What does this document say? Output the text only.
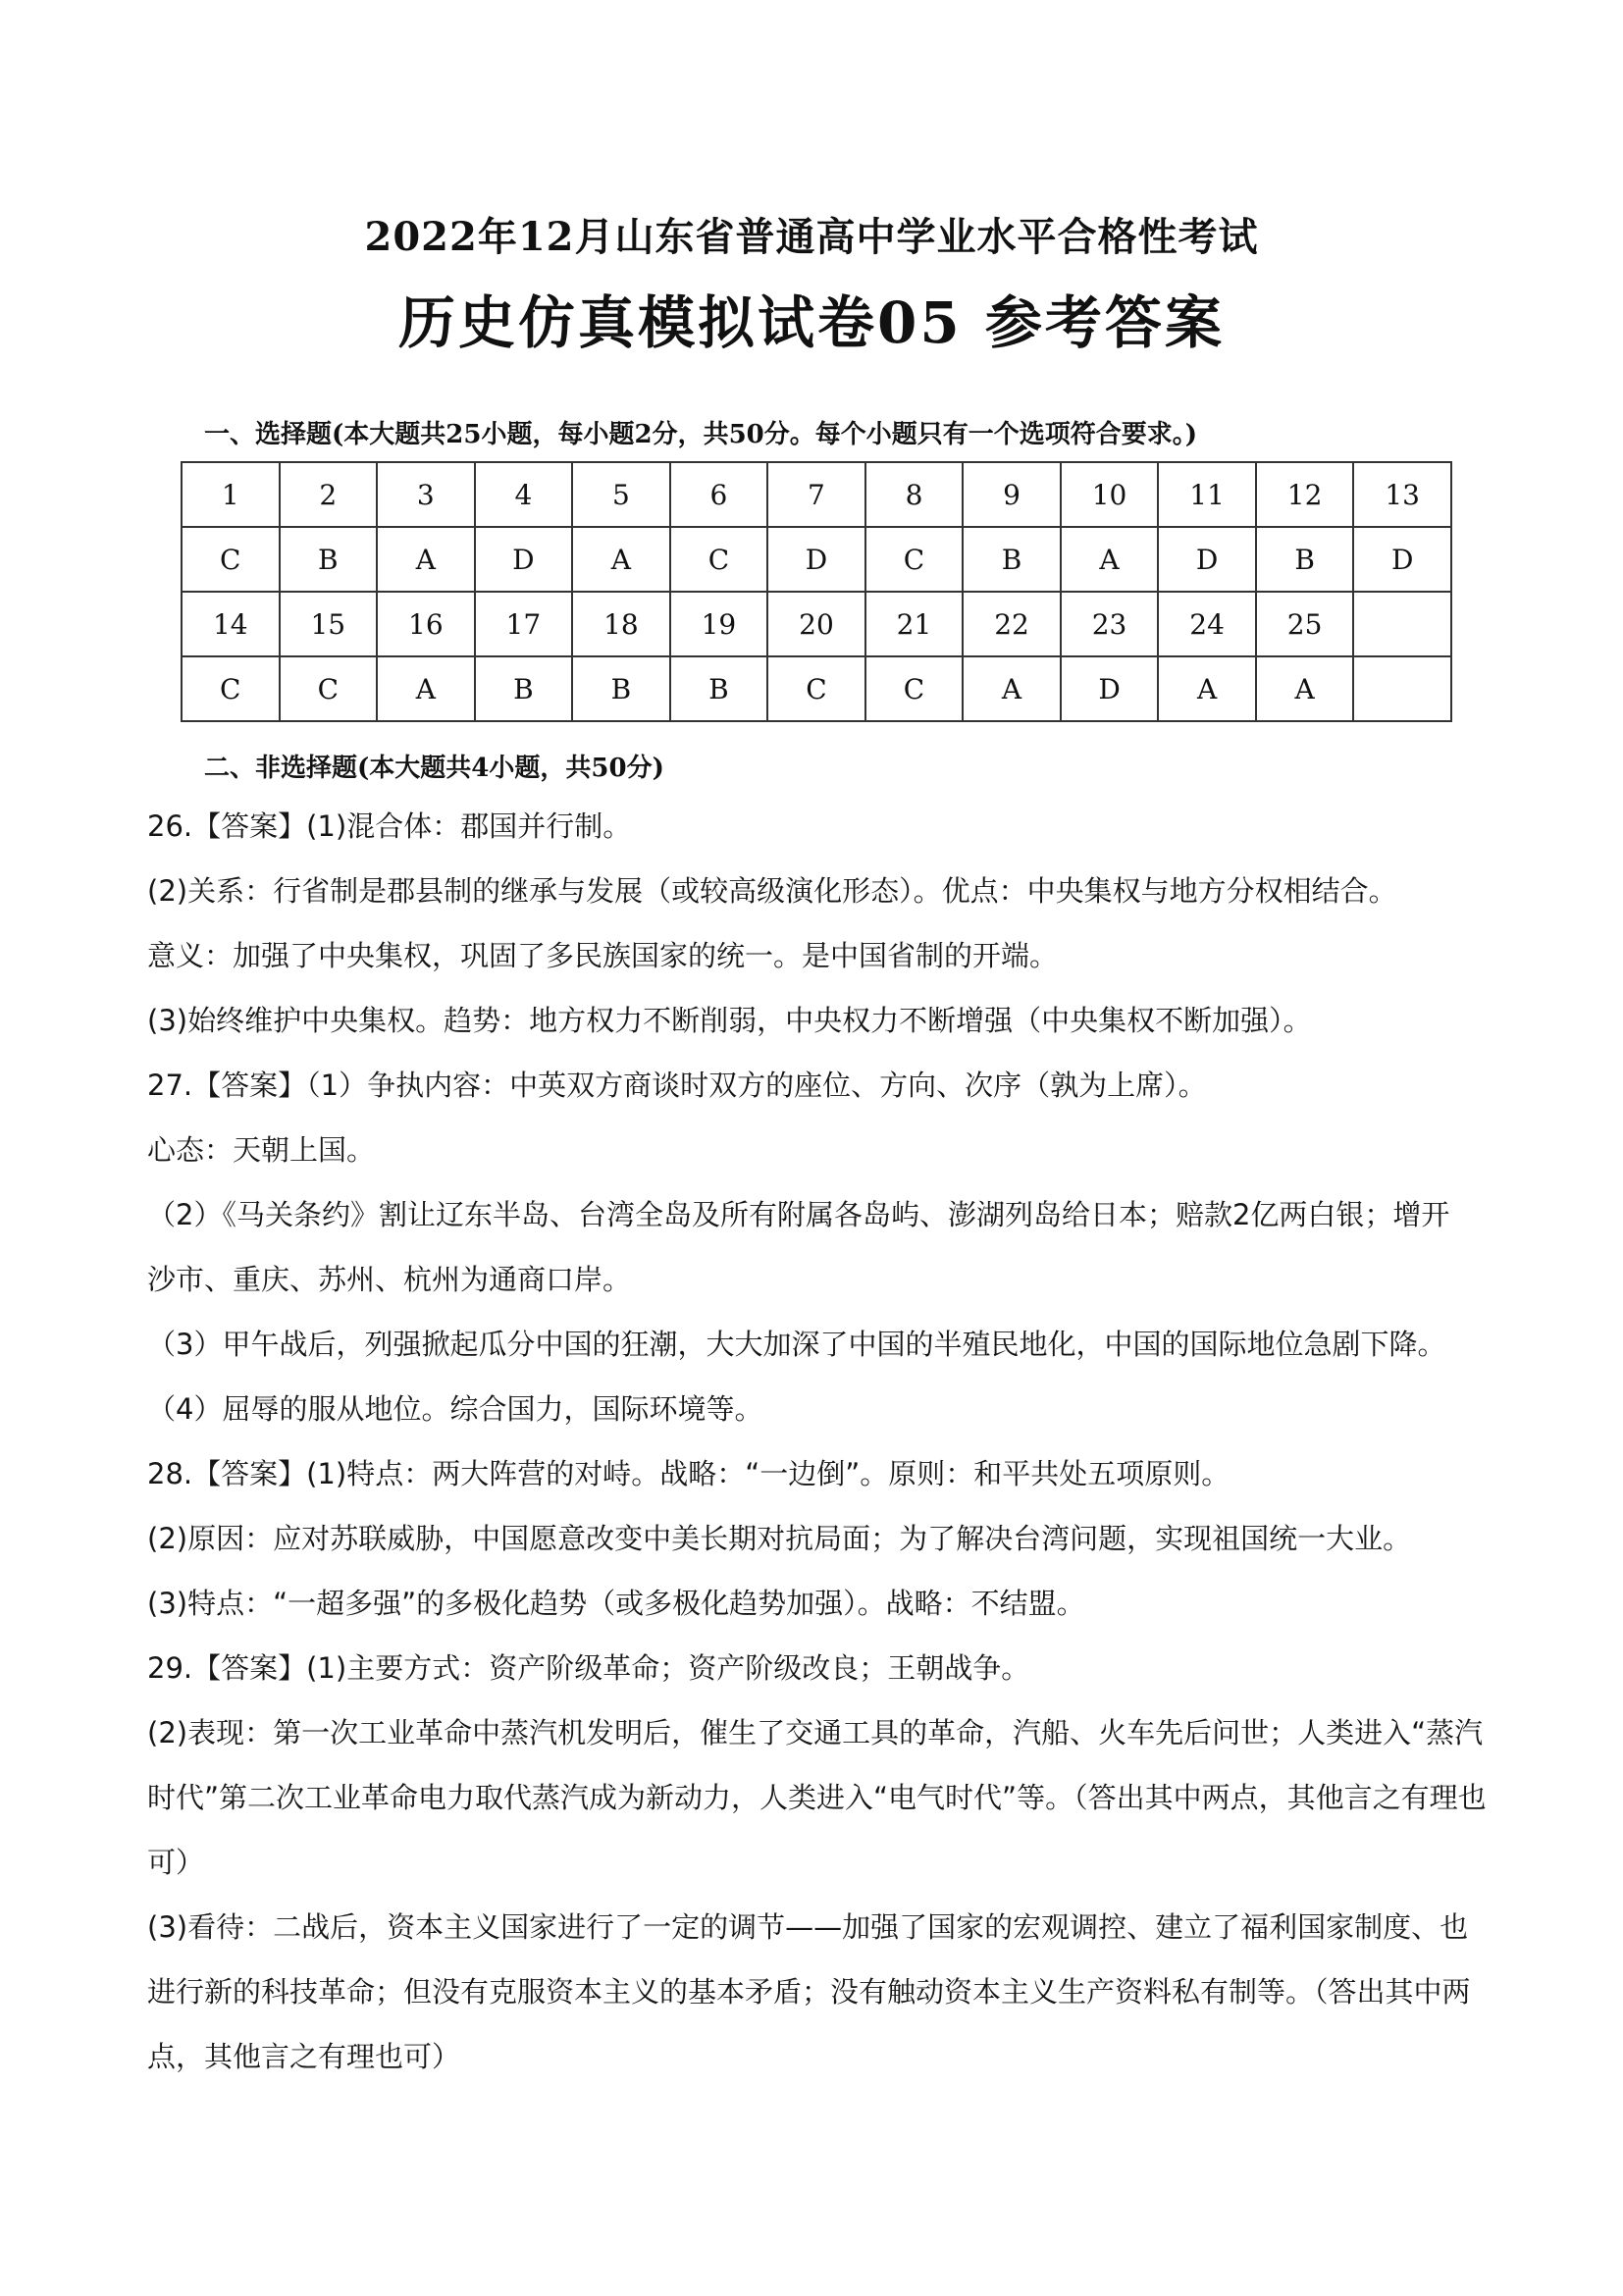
2022年12月山东省普通高中学业水平合格性考试
历史仿真模拟试卷05 参考答案
一、选择题(本大题共25小题，每小题2分，共50分。每个小题只有一个选项符合要求。)
1	2	3	4	5	6	7	8	9	10	11	12	13
C	B	A	D	A	C	D	C	B	A	D	B	D
14	15	16	17	18	19	20	21	22	23	24	25	
C	C	A	B	B	B	C	C	A	D	A	A	
二、非选择题(本大题共4小题，共50分)
26.【答案】(1)混合体：郡国并行制。
(2)关系：行省制是郡县制的继承与发展（或较高级演化形态）。优点：中央集权与地方分权相结合。
意义：加强了中央集权，巩固了多民族国家的统一。是中国省制的开端。
(3)始终维护中央集权。趋势：地方权力不断削弱，中央权力不断增强（中央集权不断加强）。
27.【答案】（1）争执内容：中英双方商谈时双方的座位、方向、次序（孰为上席）。
心态：天朝上国。
（2）《马关条约》割让辽东半岛、台湾全岛及所有附属各岛屿、澎湖列岛给日本；赔款2亿两白银；增开
沙市、重庆、苏州、杭州为通商口岸。
（3）甲午战后，列强掀起瓜分中国的狂潮，大大加深了中国的半殖民地化，中国的国际地位急剧下降。
（4）屈辱的服从地位。综合国力，国际环境等。
28.【答案】(1)特点：两大阵营的对峙。战略：“一边倒”。原则：和平共处五项原则。
(2)原因：应对苏联威胁，中国愿意改变中美长期对抗局面；为了解决台湾问题，实现祖国统一大业。
(3)特点：“一超多强”的多极化趋势（或多极化趋势加强）。战略：不结盟。
29.【答案】(1)主要方式：资产阶级革命；资产阶级改良；王朝战争。
(2)表现：第一次工业革命中蒸汽机发明后，催生了交通工具的革命，汽船、火车先后问世；人类进入“蒸汽
时代”第二次工业革命电力取代蒸汽成为新动力，人类进入“电气时代”等。（答出其中两点，其他言之有理也
可）
(3)看待：二战后，资本主义国家进行了一定的调节——加强了国家的宏观调控、建立了福利国家制度、也
进行新的科技革命；但没有克服资本主义的基本矛盾；没有触动资本主义生产资料私有制等。（答出其中两
点，其他言之有理也可）
